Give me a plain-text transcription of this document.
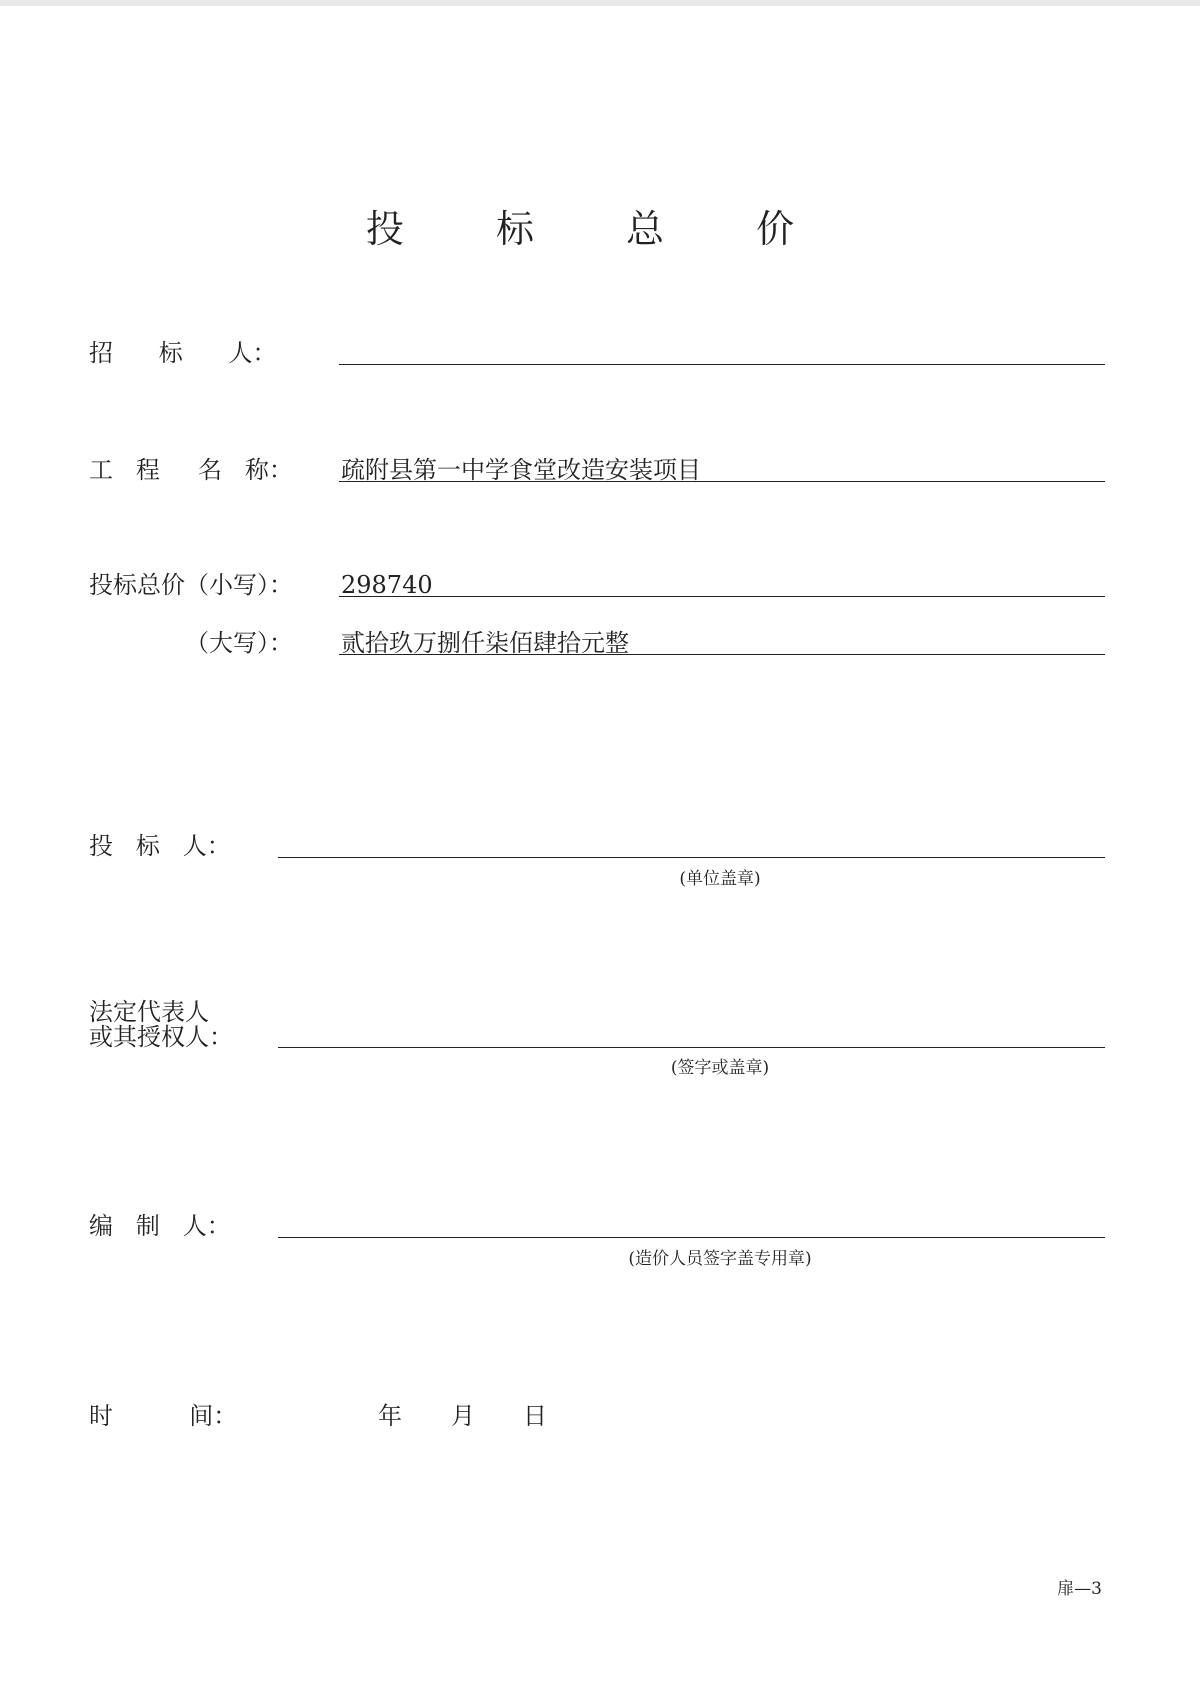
投 标 总 价
招      标      人：
工   程     名   称： 疏附县第一中学食堂改造安装项目
投标总价（小写）： 298740
（大写）： 贰拾玖万捌仟柒佰肆拾元整
投   标   人：
(单位盖章)
法定代表人
或其授权人：
(签字或盖章)
编   制   人：
(造价人员签字盖专用章)
时          间：	年 月 日
扉—3
